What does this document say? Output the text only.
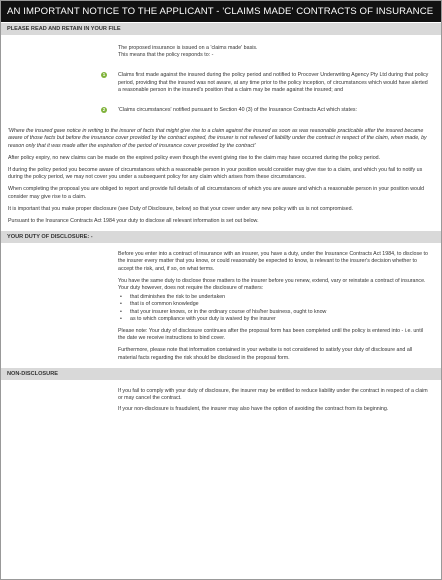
AN IMPORTANT NOTICE TO THE APPLICANT - 'CLAIMS MADE' CONTRACTS OF INSURANCE
PLEASE READ AND RETAIN IN YOUR FILE

The proposed insurance is issued on a 'claims made' basis.

This means that the policy responds to: -

1	Claims first made against the insured during the policy period and notified to Procover Underwriting Agency Pty Ltd during that policy period, providing that the insured was not aware, at any time prior to the policy inception, of circumstances which would have alerted a reasonable person in the insured's position that a claim may be made against the insured; and

2	'Claims circumstances' notified pursuant to Section 40 (3) of the Insurance Contracts Act which states:

'Where the insured gave notice in writing to the insurer of facts that might give rise to a claim against the insured as soon as was reasonable practicable after the insured became aware of those facts but before the insurance cover provided by the contract expired, the insurer is not relieved of liability under the contract in respect of the claim, when made, by reason only that it was made after the expiration of the period of insurance cover provided by the contract'

After policy expiry, no new claims can be made on the expired policy even though the event giving rise to the claim may have occurred during the policy period.

If during the policy period you become aware of circumstances which a reasonable person in your position would consider may give rise to a claim, and which you fail to notify us during the policy period, we may not cover you under a subsequent policy for any claim which arises from these circumstances.

When completing the proposal you are obliged to report and provide full details of all circumstances of which you are aware and which a reasonable person in your position would consider may give rise to a claim.

It is important that you make proper disclosure (see Duty of Disclosure, below) so that your cover under any new policy with us is not compromised.

Pursuant to the Insurance Contracts Act 1984 your duty to disclose all relevant information is set out below.

YOUR DUTY OF DISCLOSURE: -

Before you enter into a contract of insurance with an insurer, you have a duty, under the Insurance Contracts Act 1984, to disclose to the insurer every matter that you know, or could reasonably be expected to know, is relevant to the insurer's decision whether to accept the risk, and, if so, on what terms.

You have the same duty to disclose those matters to the insurer before you renew, extend, vary or reinstate a contract of insurance.

Your duty however, does not require the disclosure of matters:

•	that diminishes the risk to be undertaken
•	that is of common knowledge
•	that your insurer knows, or in the ordinary course of his/her business, ought to know
•	as to which compliance with your duty is waived by the insurer

Please note: Your duty of disclosure continues after the proposal form has been completed until the policy is entered into - i.e. until the date we receive instructions to bind cover.

Furthermore, please note that information contained in your website is not considered to satisfy your duty of disclosure and all material facts regarding the risk should be disclosed in the proposal form.

NON-DISCLOSURE

If you fail to comply with your duty of disclosure, the insurer may be entitled to reduce liability under the contract in respect of a claim or may cancel the contract.

If your non-disclosure is fraudulent, the insurer may also have the option of avoiding the contract from its beginning.
